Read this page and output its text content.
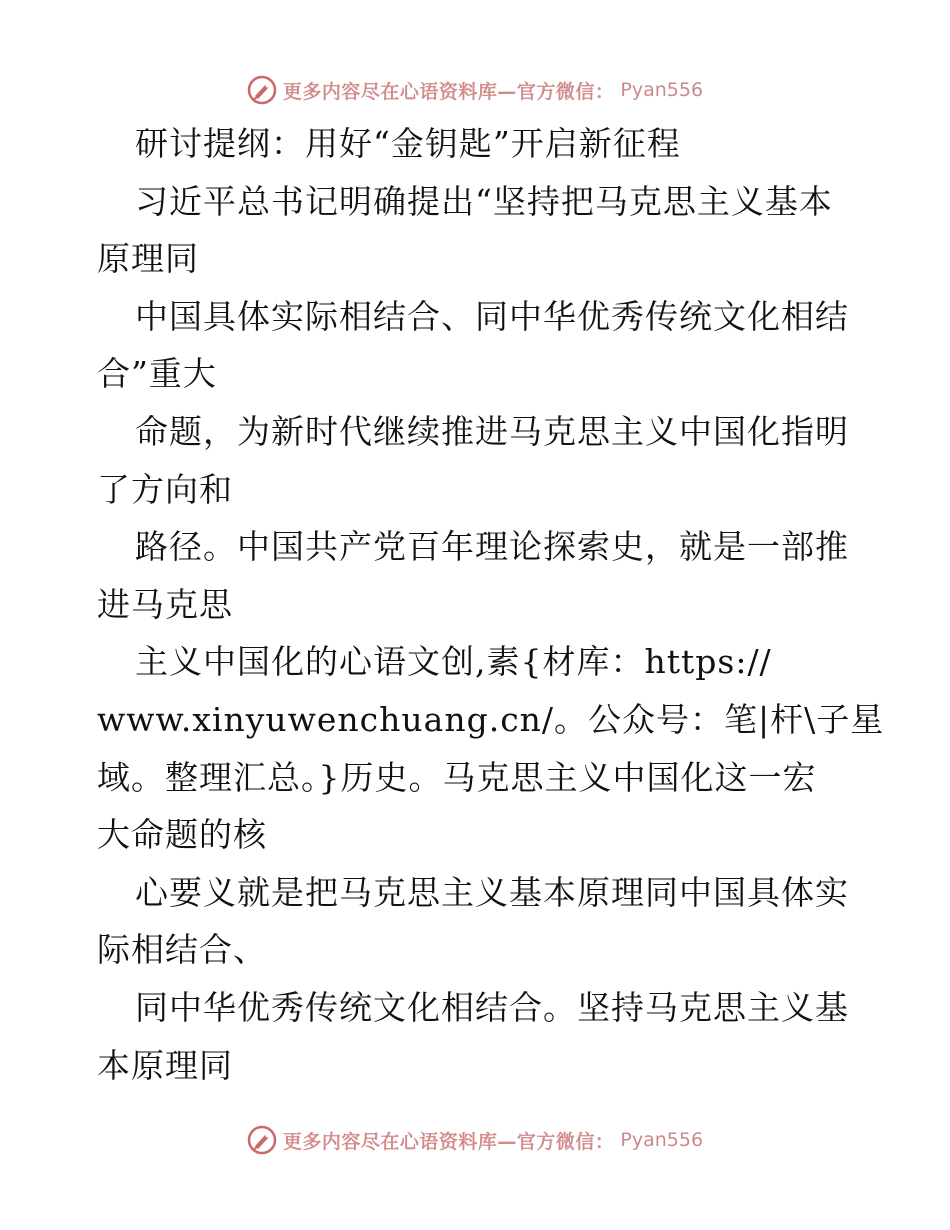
更多内容尽在心语资料库—官方微信： Pyan556
研讨提纲：用好“金钥匙”开启新征程
习近平总书记明确提出“坚持把马克思主义基本
原理同
中国具体实际相结合、同中华优秀传统文化相结
合”重大
命题，为新时代继续推进马克思主义中国化指明
了方向和
路径。中国共产党百年理论探索史，就是一部推
进马克思
主义中国化的心语文创,素{材库：https://
www.xinyuwenchuang.cn/。公众号：笔|杆\子星
域。整理汇总。}历史。马克思主义中国化这一宏
大命题的核
心要义就是把马克思主义基本原理同中国具体实
际相结合、
同中华优秀传统文化相结合。坚持马克思主义基
本原理同
更多内容尽在心语资料库—官方微信： Pyan556
